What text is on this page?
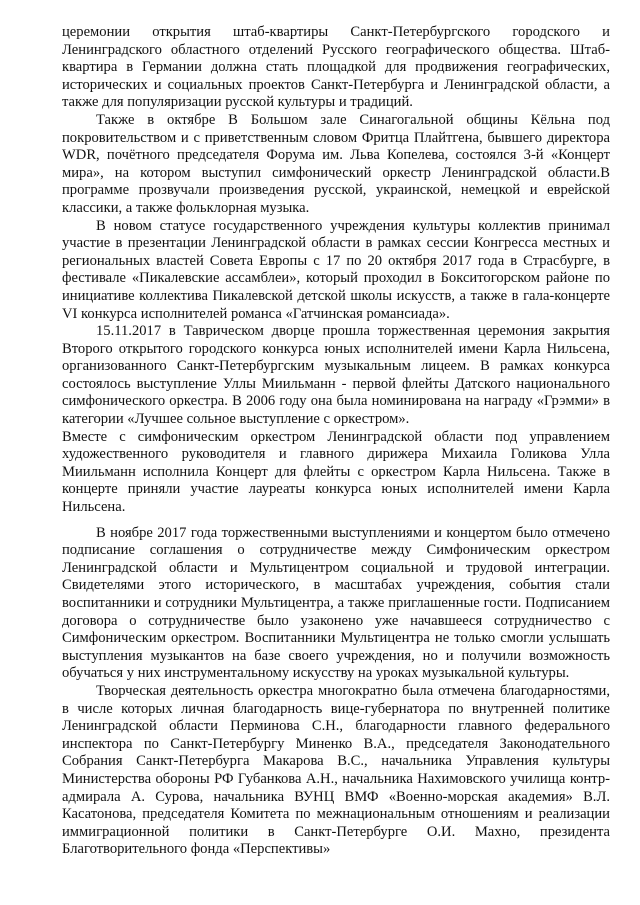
церемонии открытия штаб-квартиры Санкт-Петербургского городского и Ленинградского областного отделений Русского географического общества. Штаб-квартира в Германии должна стать площадкой для продвижения географических, исторических и социальных проектов Санкт-Петербурга и Ленинградской области, а также для популяризации русской культуры и традиций.

Также в октябре В Большом зале Синагогальной общины Кёльна под покровительством и с приветственным словом Фритца Плайтгена, бывшего директора WDR, почётного председателя Форума им. Льва Копелева, состоялся 3-й «Концерт мира», на котором выступил симфонический оркестр Ленинградской области.В программе прозвучали произведения русской, украинской, немецкой и еврейской классики, а также фольклорная музыка.

В новом статусе государственного учреждения культуры коллектив принимал участие в презентации Ленинградской области в рамках сессии Конгресса местных и региональных властей Совета Европы с 17 по 20 октября 2017 года в Страсбурге, в фестивале «Пикалевские ассамблеи», который проходил в Бокситогорском районе по инициативе коллектива Пикалевской детской школы искусств, а также в гала-концерте VI конкурса исполнителей романса «Гатчинская романсиада».

15.11.2017 в Таврическом дворце прошла торжественная церемония закрытия Второго открытого городского конкурса юных исполнителей имени Карла Нильсена, организованного Санкт-Петербургским музыкальным лицеем. В рамках конкурса состоялось выступление Уллы Миильманн - первой флейты Датского национального симфонического оркестра. В 2006 году она была номинирована на награду «Грэмми» в категории «Лучшее сольное выступление с оркестром».

Вместе с симфоническим оркестром Ленинградской области под управлением художественного руководителя и главного дирижера Михаила Голикова Улла Миильманн исполнила Концерт для флейты с оркестром Карла Нильсена. Также в концерте приняли участие лауреаты конкурса юных исполнителей имени Карла Нильсена.

В ноябре 2017 года торжественными выступлениями и концертом было отмечено подписание соглашения о сотрудничестве между Симфоническим оркестром Ленинградской области и Мультицентром социальной и трудовой интеграции. Свидетелями этого исторического, в масштабах учреждения, события стали воспитанники и сотрудники Мультицентра, а также приглашенные гости. Подписанием договора о сотрудничестве было узаконено уже начавшееся сотрудничество с Симфоническим оркестром. Воспитанники Мультицентра не только смогли услышать выступления музыкантов на базе своего учреждения, но и получили возможность обучаться у них инструментальному искусству на уроках музыкальной культуры.

Творческая деятельность оркестра многократно была отмечена благодарностями, в числе которых личная благодарность вице-губернатора по внутренней политике Ленинградской области Перминова С.Н., благодарности главного федерального инспектора по Санкт-Петербургу Миненко В.А., председателя Законодательного Собрания Санкт-Петербурга Макарова В.С., начальника Управления культуры Министерства обороны РФ Губанкова А.Н., начальника Нахимовского училища контр-адмирала А. Сурова, начальника ВУНЦ ВМФ «Военно-морская академия» В.Л. Касатонова, председателя Комитета по межнациональным отношениям и реализации иммиграционной политики в Санкт-Петербурге О.И. Махно, президента Благотворительного фонда «Перспективы»
